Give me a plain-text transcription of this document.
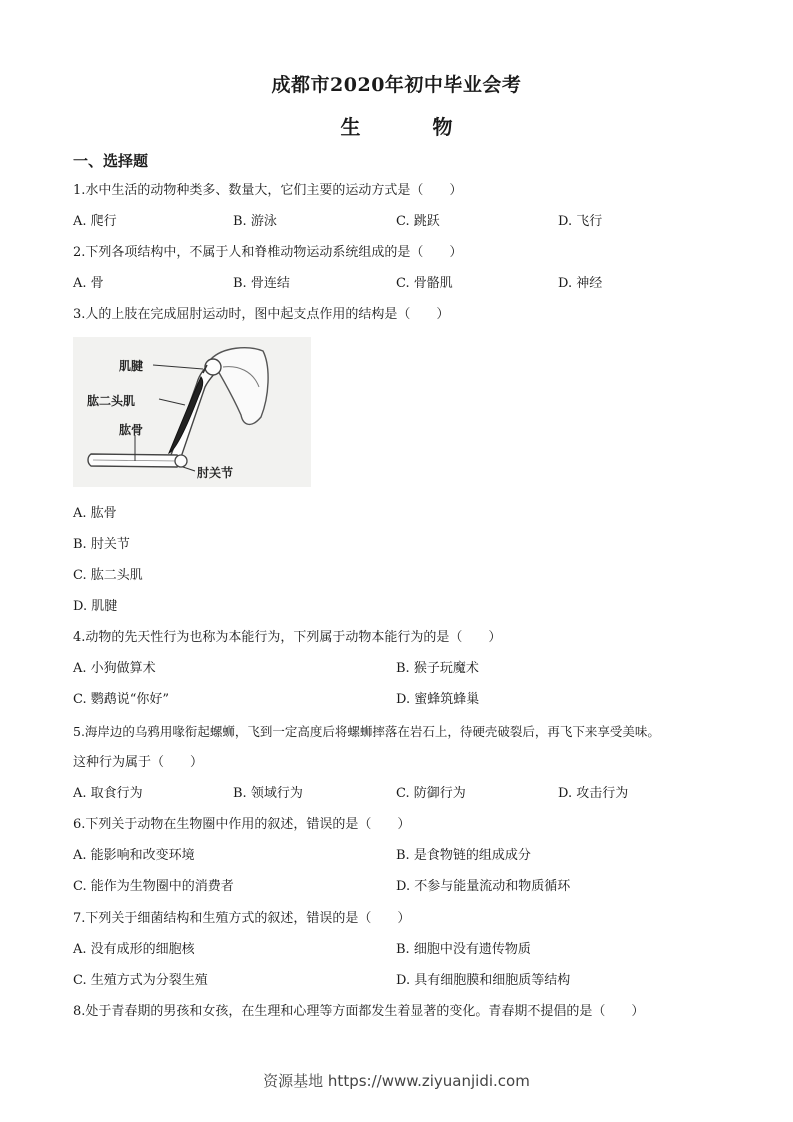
成都市2020年初中毕业会考
生　物
一、选择题
1.水中生活的动物种类多、数量大，它们主要的运动方式是（　　）
A. 爬行	B. 游泳	C. 跳跃	D. 飞行
2.下列各项结构中，不属于人和脊椎动物运动系统组成的是（　　）
A. 骨	B. 骨连结	C. 骨骼肌	D. 神经
3.人的上肢在完成屈肘运动时，图中起支点作用的结构是（　　）
肌腱
肱二头肌
肱骨
肘关节
A. 肱骨
B. 肘关节
C. 肱二头肌
D. 肌腱
4.动物的先天性行为也称为本能行为，下列属于动物本能行为的是（　　）
A. 小狗做算术	B. 猴子玩魔术
C. 鹦鹉说“你好”	D. 蜜蜂筑蜂巢
5.海岸边的乌鸦用喙衔起螺蛳，飞到一定高度后将螺蛳摔落在岩石上，待硬壳破裂后，再飞下来享受美味。
这种行为属于（　　）
A. 取食行为	B. 领域行为	C. 防御行为	D. 攻击行为
6.下列关于动物在生物圈中作用的叙述，错误的是（　　）
A. 能影响和改变环境	B. 是食物链的组成成分
C. 能作为生物圈中的消费者	D. 不参与能量流动和物质循环
7.下列关于细菌结构和生殖方式的叙述，错误的是（　　）
A. 没有成形的细胞核	B. 细胞中没有遗传物质
C. 生殖方式为分裂生殖	D. 具有细胞膜和细胞质等结构
8.处于青春期的男孩和女孩，在生理和心理等方面都发生着显著的变化。青春期不提倡的是（　　）
资源基地 https://www.ziyuanjidi.com
